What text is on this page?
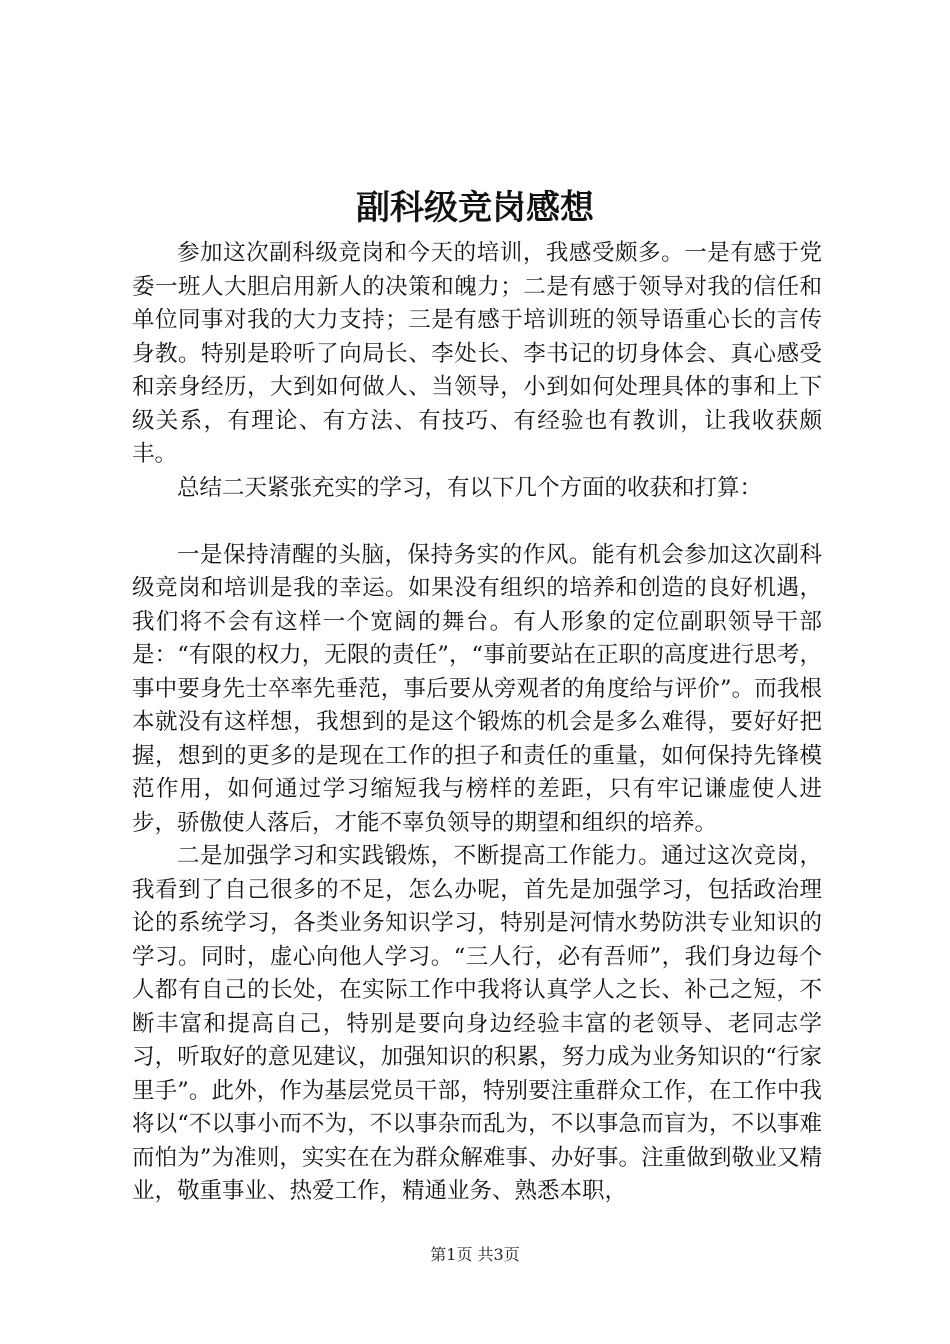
副科级竞岗感想

参加这次副科级竞岗和今天的培训，我感受颇多。一是有感于党委一班人大胆启用新人的决策和魄力；二是有感于领导对我的信任和单位同事对我的大力支持；三是有感于培训班的领导语重心长的言传身教。特别是聆听了向局长、李处长、李书记的切身体会、真心感受和亲身经历，大到如何做人、当领导，小到如何处理具体的事和上下级关系，有理论、有方法、有技巧、有经验也有教训，让我收获颇丰。

总结二天紧张充实的学习，有以下几个方面的收获和打算：

一是保持清醒的头脑，保持务实的作风。能有机会参加这次副科级竞岗和培训是我的幸运。如果没有组织的培养和创造的良好机遇，我们将不会有这样一个宽阔的舞台。有人形象的定位副职领导干部是：“有限的权力，无限的责任”，“事前要站在正职的高度进行思考，事中要身先士卒率先垂范，事后要从旁观者的角度给与评价”。而我根本就没有这样想，我想到的是这个锻炼的机会是多么难得，要好好把握，想到的更多的是现在工作的担子和责任的重量，如何保持先锋模范作用，如何通过学习缩短我与榜样的差距，只有牢记谦虚使人进步，骄傲使人落后，才能不辜负领导的期望和组织的培养。

二是加强学习和实践锻炼，不断提高工作能力。通过这次竞岗，我看到了自己很多的不足，怎么办呢，首先是加强学习，包括政治理论的系统学习，各类业务知识学习，特别是河情水势防洪专业知识的学习。同时，虚心向他人学习。“三人行，必有吾师”，我们身边每个人都有自己的长处，在实际工作中我将认真学人之长、补己之短，不断丰富和提高自己，特别是要向身边经验丰富的老领导、老同志学习，听取好的意见建议，加强知识的积累，努力成为业务知识的“行家里手”。此外，作为基层党员干部，特别要注重群众工作，在工作中我将以“不以事小而不为，不以事杂而乱为，不以事急而盲为，不以事难而怕为”为准则，实实在在为群众解难事、办好事。注重做到敬业又精业，敬重事业、热爱工作，精通业务、熟悉本职，

第1页 共3页
